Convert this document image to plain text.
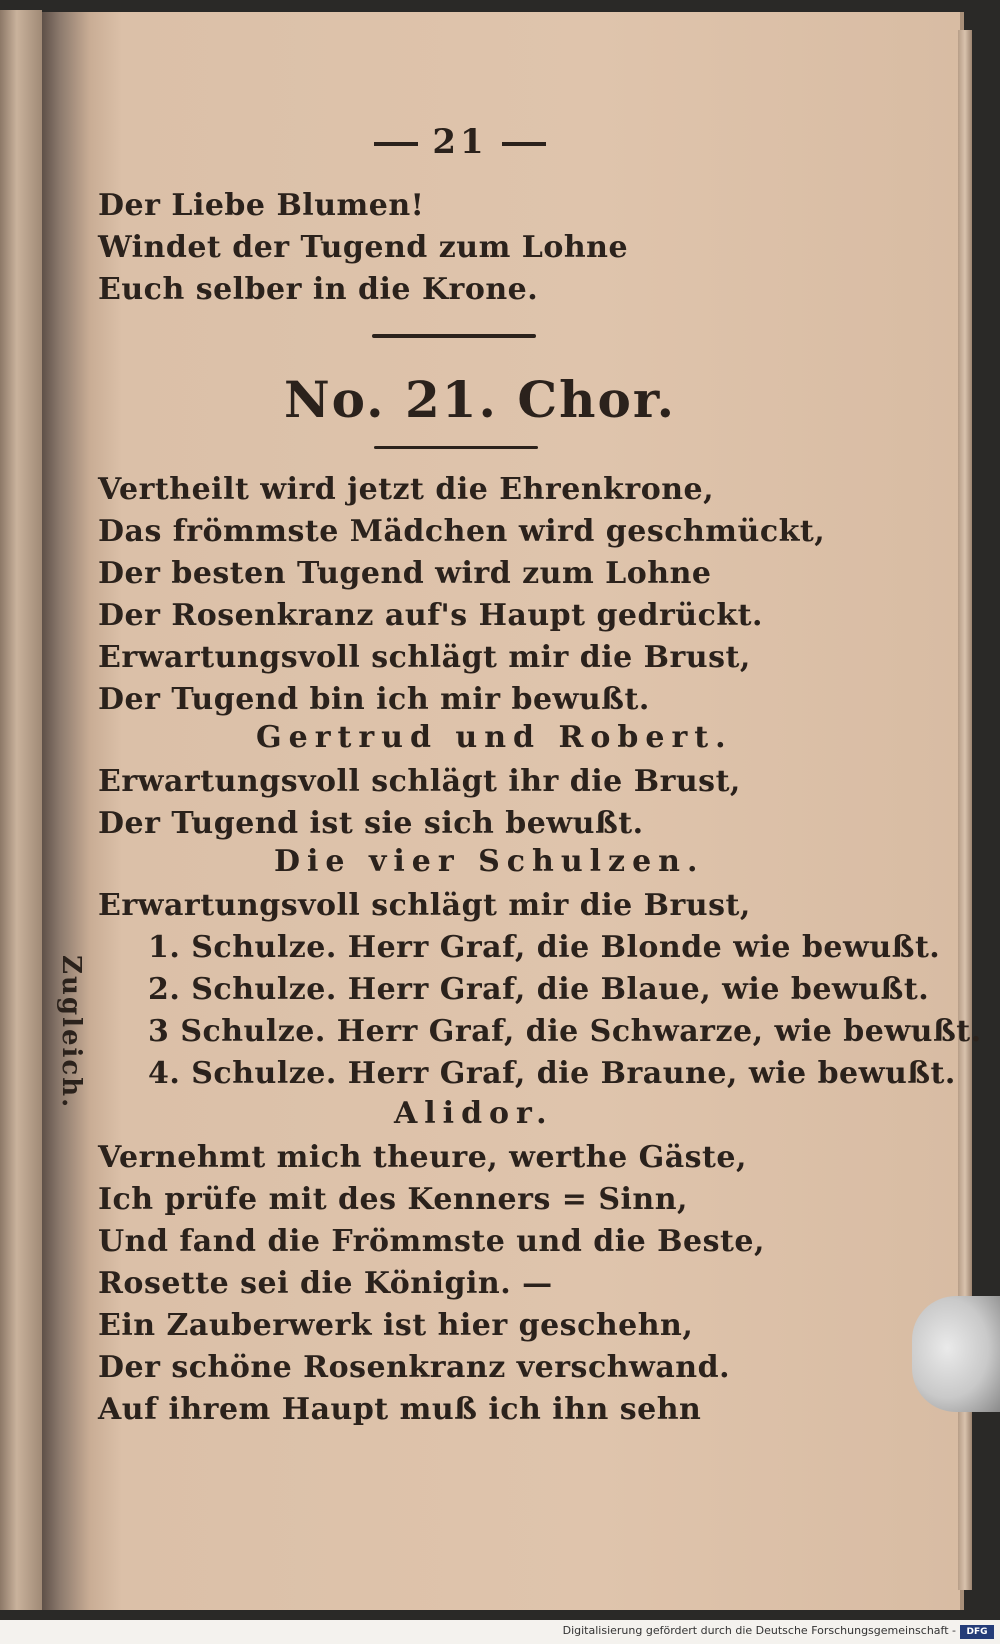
21
Der Liebe Blumen!
Windet der Tugend zum Lohne
Euch selber in die Krone.
No. 21. Chor.
Vertheilt wird jetzt die Ehrenkrone,
Das frömmste Mädchen wird geschmückt,
Der besten Tugend wird zum Lohne
Der Rosenkranz auf's Haupt gedrückt.
Erwartungsvoll schlägt mir die Brust,
Der Tugend bin ich mir bewußt.
Gertrud und Robert.
Erwartungsvoll schlägt ihr die Brust,
Der Tugend ist sie sich bewußt.
Die vier Schulzen.
Erwartungsvoll schlägt mir die Brust,
Zugleich.
1. Schulze. Herr Graf, die Blonde wie bewußt.
2. Schulze. Herr Graf, die Blaue, wie bewußt.
3 Schulze. Herr Graf, die Schwarze, wie bewußt.
4. Schulze. Herr Graf, die Braune, wie bewußt.
Alidor.
Vernehmt mich theure, werthe Gäste,
Ich prüfe mit des Kenners = Sinn,
Und fand die Frömmste und die Beste,
Rosette sei die Königin. —
Ein Zauberwerk ist hier geschehn,
Der schöne Rosenkranz verschwand.
Auf ihrem Haupt muß ich ihn sehn
Digitalisierung gefördert durch die Deutsche Forschungsgemeinschaft -	DFG
